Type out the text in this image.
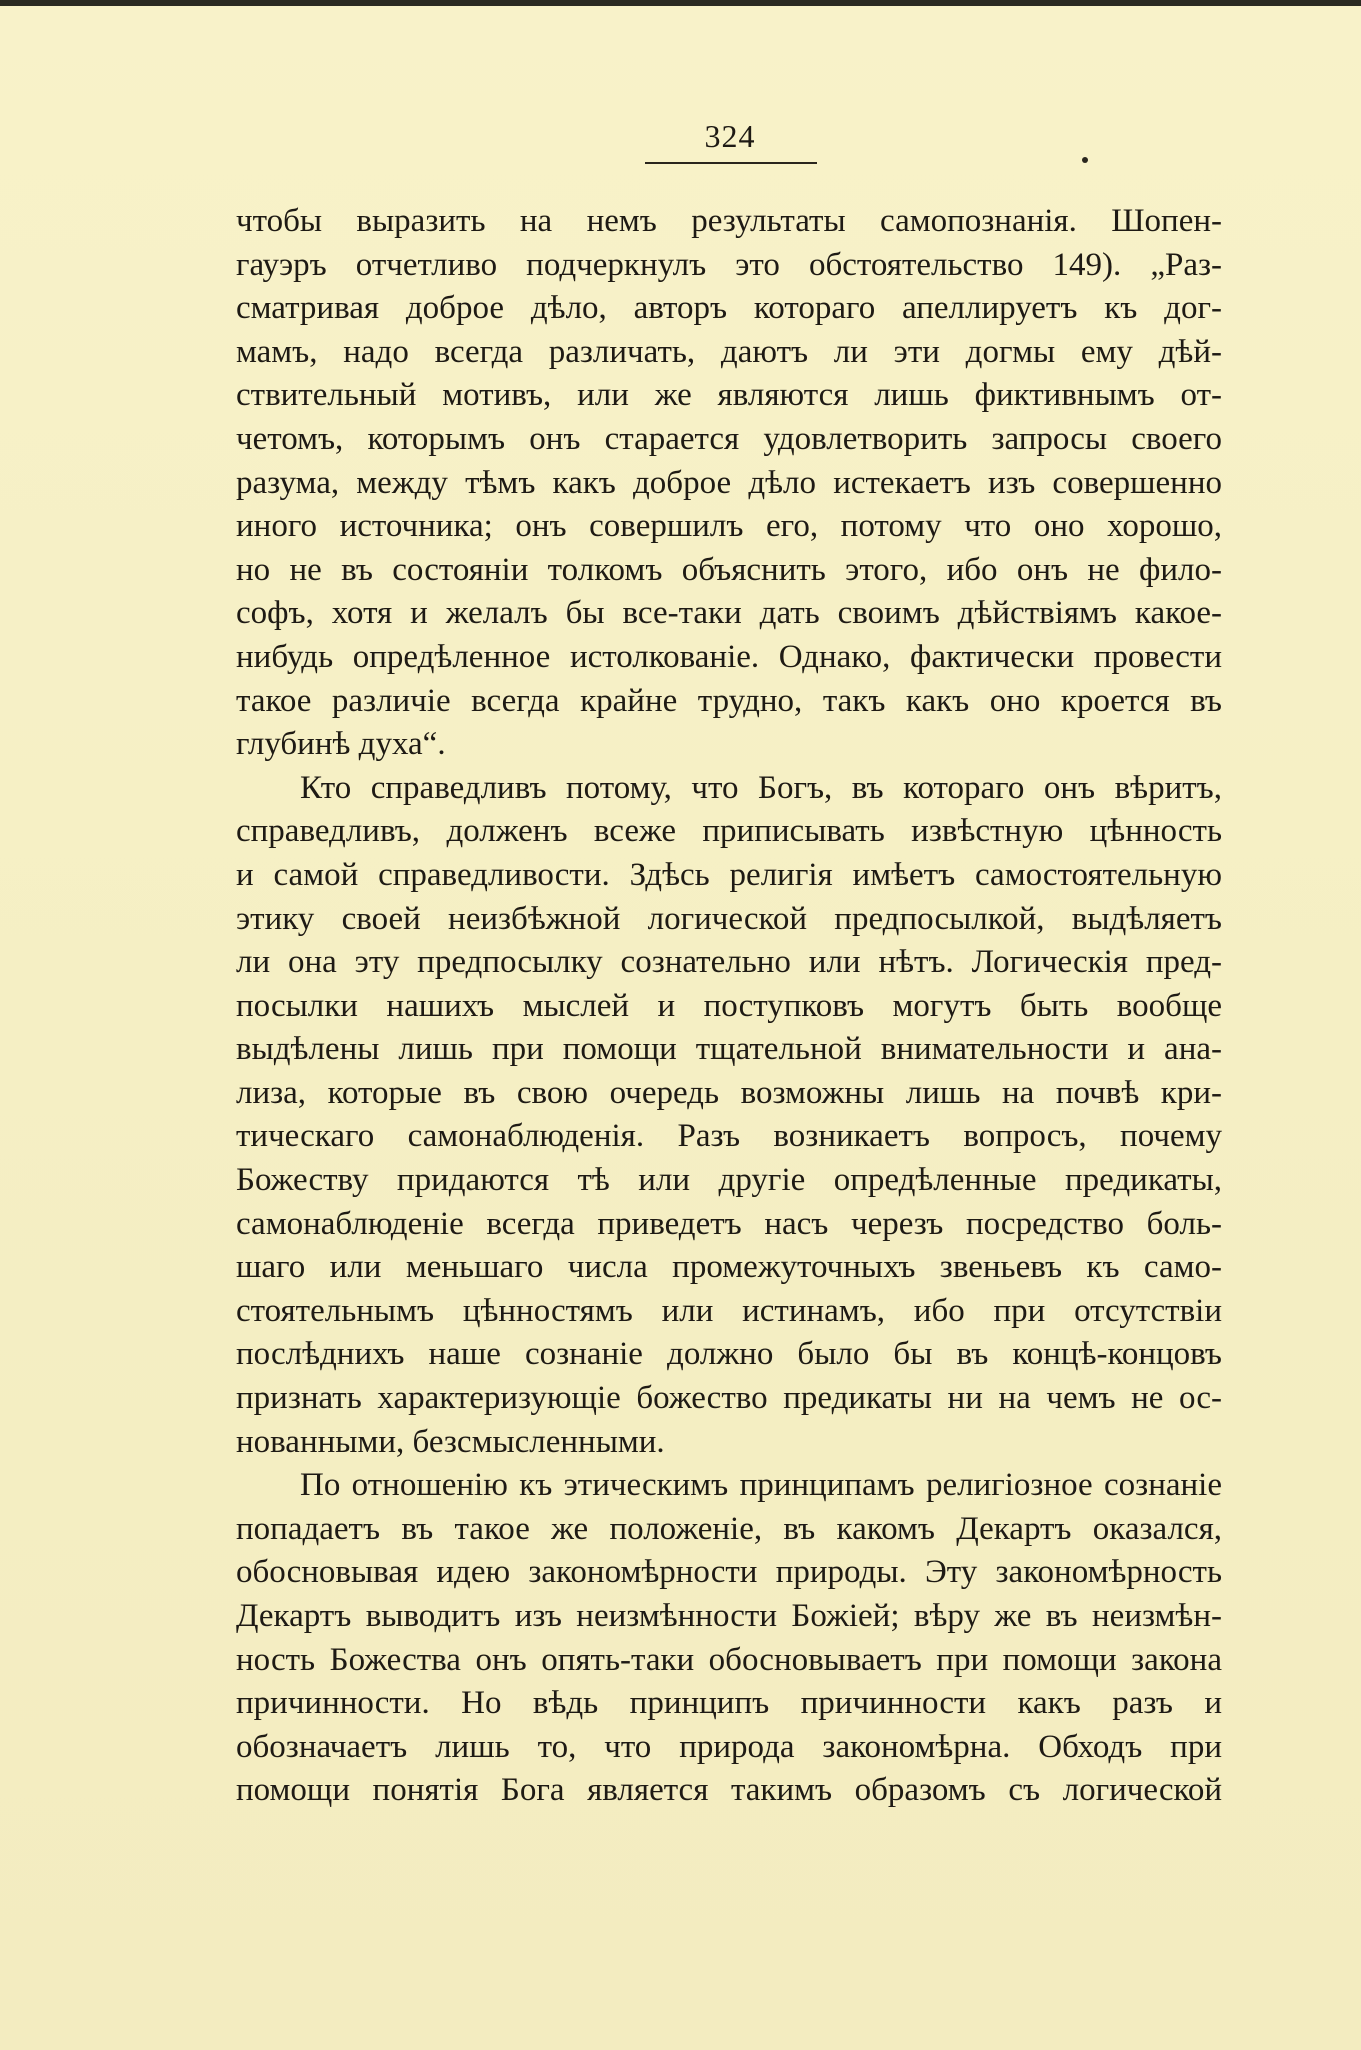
324
чтобы выразить на немъ результаты самопознанія. Шопен-
гауэръ отчетливо подчеркнулъ это обстоятельство 149). „Раз-
сматривая доброе дѣло, авторъ котораго апеллируетъ къ дог-
мамъ, надо всегда различать, даютъ ли эти догмы ему дѣй-
ствительный мотивъ, или же являются лишь фиктивнымъ от-
четомъ, которымъ онъ старается удовлетворить запросы своего
разума, между тѣмъ какъ доброе дѣло истекаетъ изъ совершенно
иного источника; онъ совершилъ его, потому что оно хорошо,
но не въ состояніи толкомъ объяснить этого, ибо онъ не фило-
софъ, хотя и желалъ бы все-таки дать своимъ дѣйствіямъ какое-
нибудь опредѣленное истолкованіе. Однако, фактически провести
такое различіе всегда крайне трудно, такъ какъ оно кроется въ
глубинѣ духа“.
Кто справедливъ потому, что Богъ, въ котораго онъ вѣритъ,
справедливъ, долженъ всеже приписывать извѣстную цѣнность
и самой справедливости. Здѣсь религія имѣетъ самостоятельную
этику своей неизбѣжной логической предпосылкой, выдѣляетъ
ли она эту предпосылку сознательно или нѣтъ. Логическія пред-
посылки нашихъ мыслей и поступковъ могутъ быть вообще
выдѣлены лишь при помощи тщательной внимательности и ана-
лиза, которые въ свою очередь возможны лишь на почвѣ кри-
тическаго самонаблюденія. Разъ возникаетъ вопросъ, почему
Божеству придаются тѣ или другіе опредѣленные предикаты,
самонаблюденіе всегда приведетъ насъ черезъ посредство боль-
шаго или меньшаго числа промежуточныхъ звеньевъ къ само-
стоятельнымъ цѣнностямъ или истинамъ, ибо при отсутствіи
послѣднихъ наше сознаніе должно было бы въ концѣ-концовъ
признать характеризующіе божество предикаты ни на чемъ не ос-
нованными, безсмысленными.
По отношенію къ этическимъ принципамъ религіозное сознаніе
попадаетъ въ такое же положеніе, въ какомъ Декартъ оказался,
обосновывая идею закономѣрности природы. Эту закономѣрность
Декартъ выводитъ изъ неизмѣнности Божіей; вѣру же въ неизмѣн-
ность Божества онъ опять-таки обосновываетъ при помощи закона
причинности. Но вѣдь принципъ причинности какъ разъ и
обозначаетъ лишь то, что природа закономѣрна. Обходъ при
помощи понятія Бога является такимъ образомъ съ логической
